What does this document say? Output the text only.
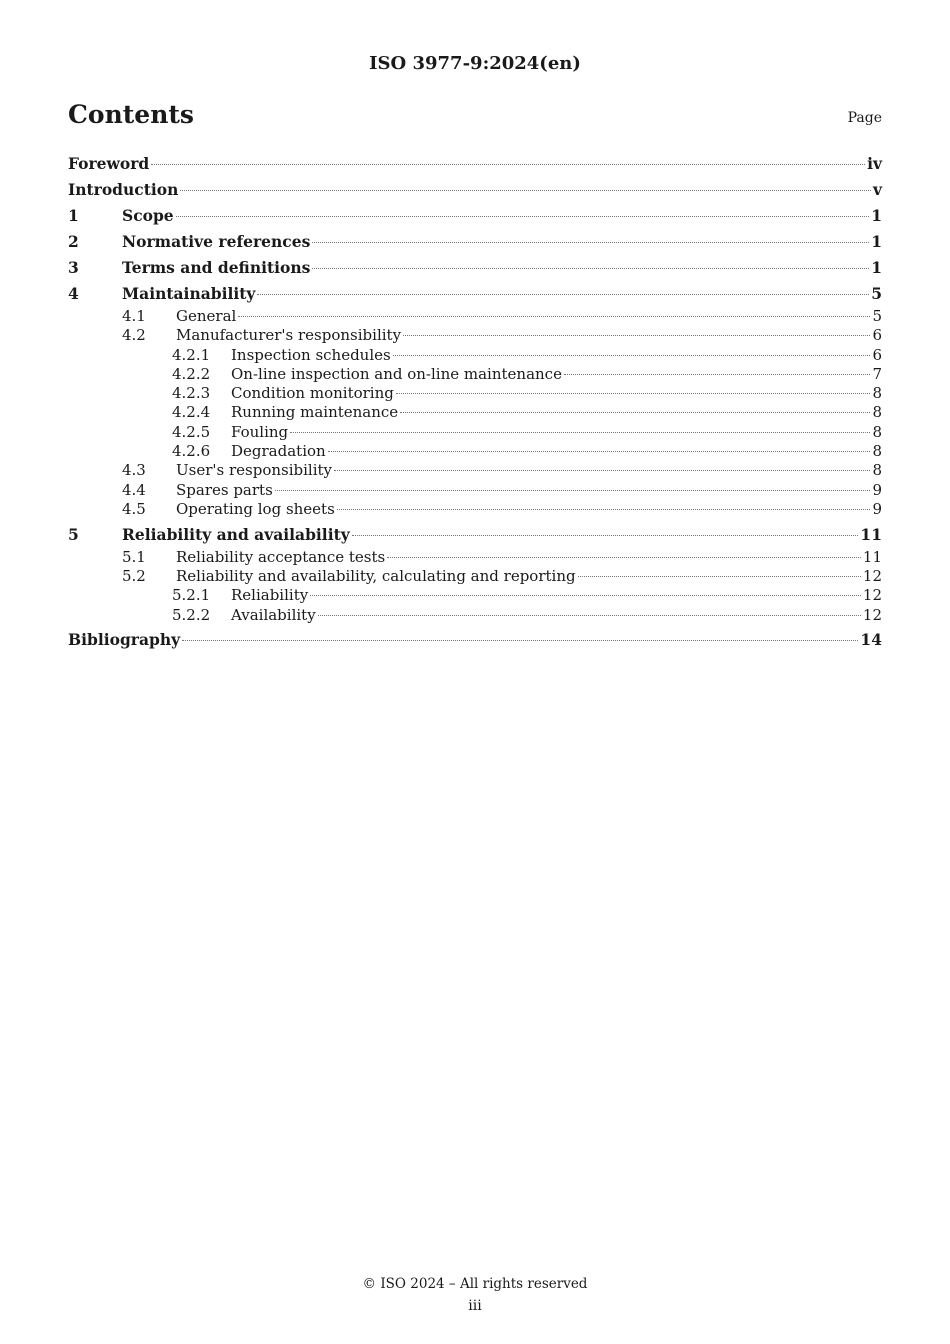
ISO 3977-9:2024(en)
Contents	Page
Foreword	iv
Introduction	v
1	Scope	1
2	Normative references	1
3	Terms and definitions	1
4	Maintainability	5
4.1	General	5
4.2	Manufacturer's responsibility	6
4.2.1	Inspection schedules	6
4.2.2	On-line inspection and on-line maintenance	7
4.2.3	Condition monitoring	8
4.2.4	Running maintenance	8
4.2.5	Fouling	8
4.2.6	Degradation	8
4.3	User's responsibility	8
4.4	Spares parts	9
4.5	Operating log sheets	9
5	Reliability and availability	11
5.1	Reliability acceptance tests	11
5.2	Reliability and availability, calculating and reporting	12
5.2.1	Reliability	12
5.2.2	Availability	12
Bibliography	14
© ISO 2024 – All rights reserved
iii
